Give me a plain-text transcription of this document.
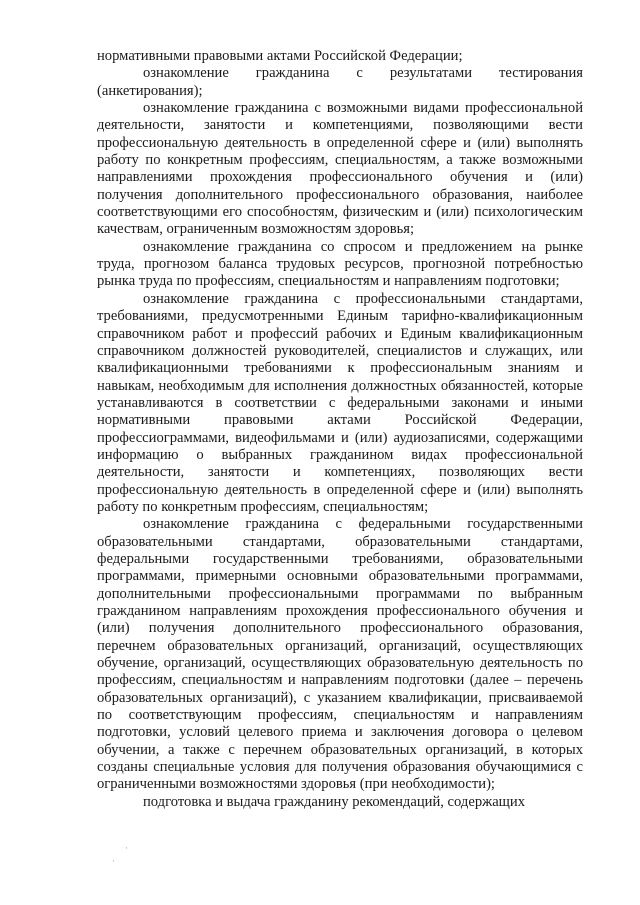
нормативными правовыми актами Российской Федерации;

ознакомление гражданина с результатами тестирования (анкетирования);

ознакомление гражданина с возможными видами профессиональной деятельности, занятости и компетенциями, позволяющими вести профессиональную деятельность в определенной сфере и (или) выполнять работу по конкретным профессиям, специальностям, а также возможными направлениями прохождения профессионального обучения и (или) получения дополнительного профессионального образования, наиболее соответствующими его способностям, физическим и (или) психологическим качествам, ограниченным возможностям здоровья;

ознакомление гражданина со спросом и предложением на рынке труда, прогнозом баланса трудовых ресурсов, прогнозной потребностью рынка труда по профессиям, специальностям и направлениям подготовки;

ознакомление гражданина с профессиональными стандартами, требованиями, предусмотренными Единым тарифно-квалификационным справочником работ и профессий рабочих и Единым квалификационным справочником должностей руководителей, специалистов и служащих, или квалификационными требованиями к профессиональным знаниям и навыкам, необходимым для исполнения должностных обязанностей, которые устанавливаются в соответствии с федеральными законами и иными нормативными правовыми актами Российской Федерации, профессиограммами, видеофильмами и (или) аудиозаписями, содержащими информацию о выбранных гражданином видах профессиональной деятельности, занятости и компетенциях, позволяющих вести профессиональную деятельность в определенной сфере и (или) выполнять работу по конкретным профессиям, специальностям;

ознакомление гражданина с федеральными государственными образовательными стандартами, образовательными стандартами, федеральными государственными требованиями, образовательными программами, примерными основными образовательными программами, дополнительными профессиональными программами по выбранным гражданином направлениям прохождения профессионального обучения и (или) получения дополнительного профессионального образования, перечнем образовательных организаций, организаций, осуществляющих обучение, организаций, осуществляющих образовательную деятельность по профессиям, специальностям и направлениям подготовки (далее – перечень образовательных организаций), с указанием квалификации, присваиваемой по соответствующим профессиям, специальностям и направлениям подготовки, условий целевого приема и заключения договора о целевом обучении, а также с перечнем образовательных организаций, в которых созданы специальные условия для получения образования обучающимися с ограниченными возможностями здоровья (при необходимости);

подготовка и выдача гражданину рекомендаций, содержащих

·
·
